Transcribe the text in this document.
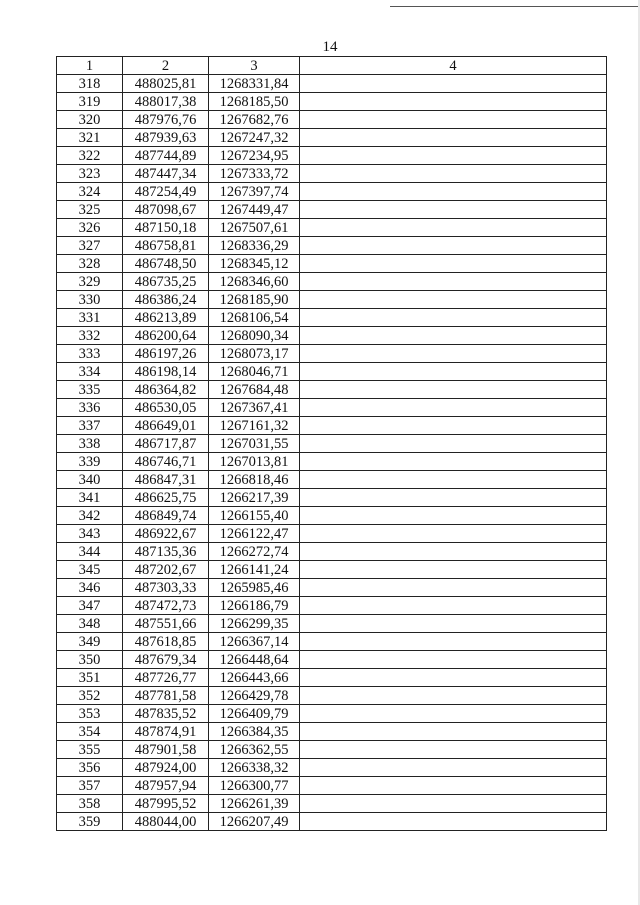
14
1	2	3	4
318	488025,81	1268331,84	
319	488017,38	1268185,50	
320	487976,76	1267682,76	
321	487939,63	1267247,32	
322	487744,89	1267234,95	
323	487447,34	1267333,72	
324	487254,49	1267397,74	
325	487098,67	1267449,47	
326	487150,18	1267507,61	
327	486758,81	1268336,29	
328	486748,50	1268345,12	
329	486735,25	1268346,60	
330	486386,24	1268185,90	
331	486213,89	1268106,54	
332	486200,64	1268090,34	
333	486197,26	1268073,17	
334	486198,14	1268046,71	
335	486364,82	1267684,48	
336	486530,05	1267367,41	
337	486649,01	1267161,32	
338	486717,87	1267031,55	
339	486746,71	1267013,81	
340	486847,31	1266818,46	
341	486625,75	1266217,39	
342	486849,74	1266155,40	
343	486922,67	1266122,47	
344	487135,36	1266272,74	
345	487202,67	1266141,24	
346	487303,33	1265985,46	
347	487472,73	1266186,79	
348	487551,66	1266299,35	
349	487618,85	1266367,14	
350	487679,34	1266448,64	
351	487726,77	1266443,66	
352	487781,58	1266429,78	
353	487835,52	1266409,79	
354	487874,91	1266384,35	
355	487901,58	1266362,55	
356	487924,00	1266338,32	
357	487957,94	1266300,77	
358	487995,52	1266261,39	
359	488044,00	1266207,49	
